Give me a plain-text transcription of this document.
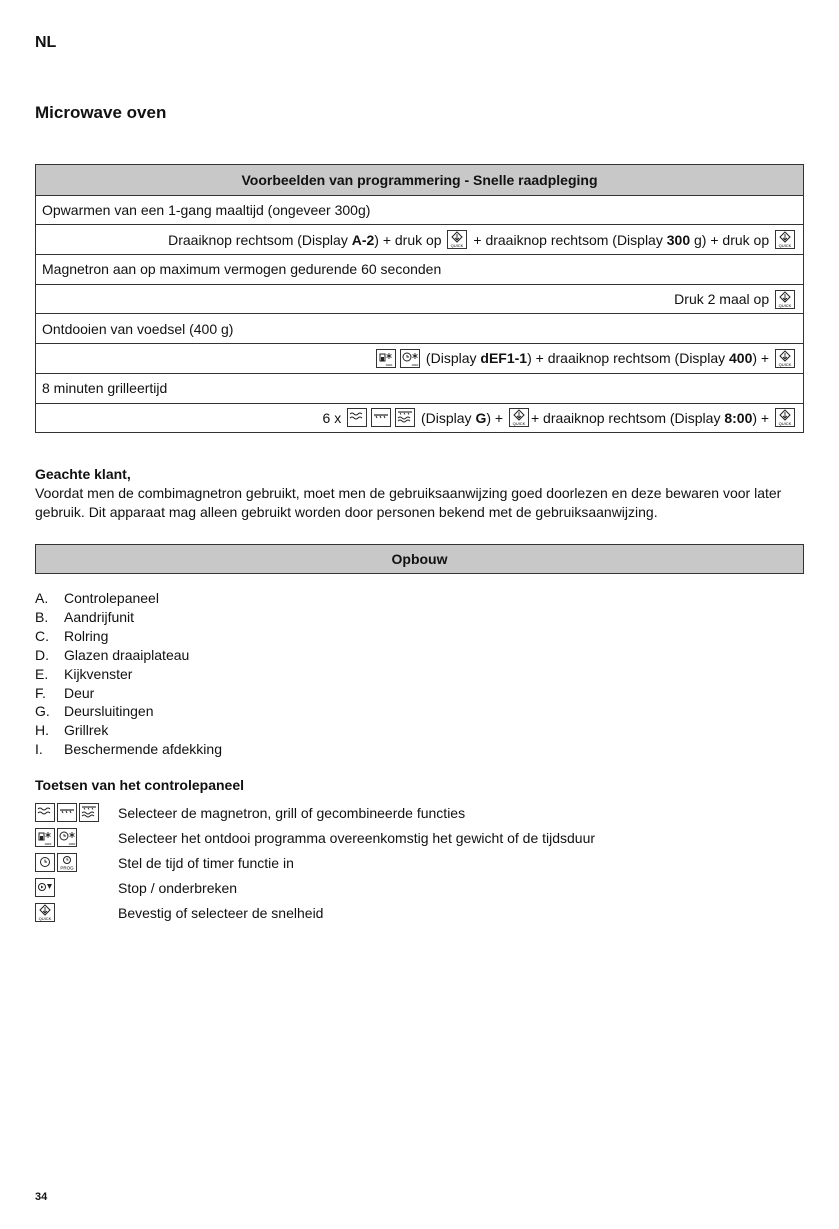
NL
Microwave oven
Voorbeelden van programmering - Snelle raadpleging
Opwarmen van een 1-gang maaltijd (ongeveer 300g)
Draaiknop rechtsom (Display A-2 ) + druk op QUICK + draaiknop rechtsom (Display 300 g) + druk op QUICK
Magnetron aan op maximum vermogen gedurende 60 seconden
Druk 2 maal op QUICK
Ontdooien van voedsel (400 g)
ooo	ooo (Display dEF1-1 ) + draaiknop rechtsom (Display 400 ) + QUICK
8 minuten grilleertijd
6 x	(Display G ) + QUICK + draaiknop rechtsom (Display 8:00 ) + QUICK
Geachte klant,
Voordat men de combimagnetron gebruikt, moet men de gebruiksaanwijzing goed doorlezen en deze bewaren voor later gebruik. Dit apparaat mag alleen gebruikt worden door personen bekend met de gebruiksaanwijzing.
Opbouw
A.	Controlepaneel
B.	Aandrijfunit
C.	Rolring
D.	Glazen draaiplateau
E.	Kijkvenster
F.	Deur
G.	Deursluitingen
H.	Grillrek
I.	Beschermende afdekking
Toetsen van het controlepaneel
Selecteer de magnetron, grill of gecombineerde functies
ooo	ooo	Selecteer het ontdooi programma overeenkomstig het gewicht of de tijdsduur
PROG	Stel de tijd of timer functie in
Stop / onderbreken
QUICK	Bevestig of selecteer de snelheid
34
